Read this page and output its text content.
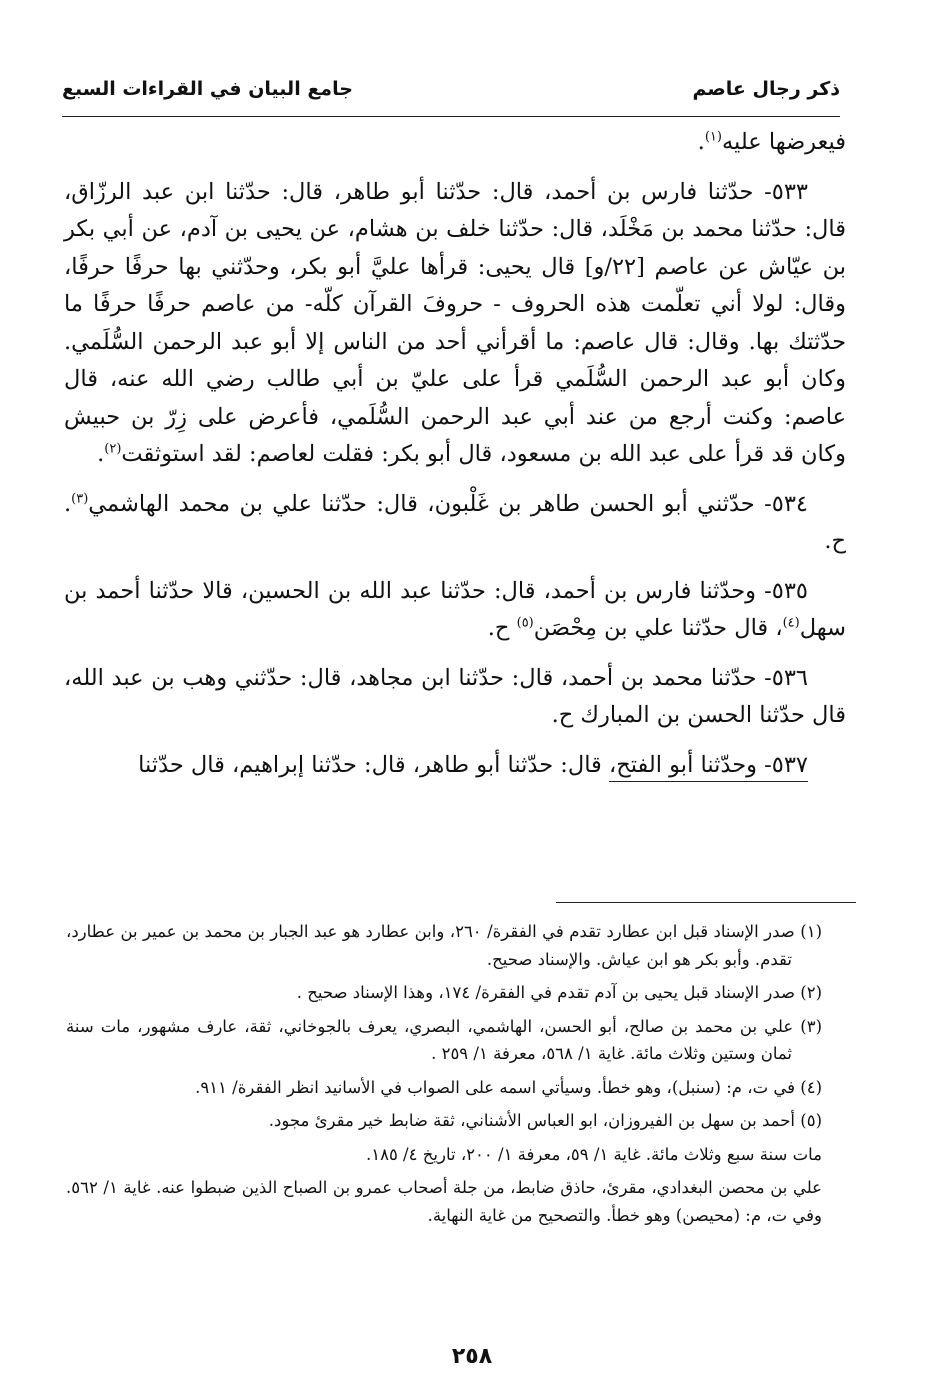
ذكر رجال عاصم
جامع البيان في القراءات السبع

فيعرضها عليه$^{(١)}$.

٥٣٣- حدّثنا فارس بن أحمد، قال: حدّثنا أبو طاهر، قال: حدّثنا ابن عبد الرزّاق، قال: حدّثنا محمد بن مَخْلَد، قال: حدّثنا خلف بن هشام، عن يحيى بن آدم، عن أبي بكر بن عيّاش عن عاصم [٢٢/و] قال يحيى: قرأها عليَّ أبو بكر، وحدّثني بها حرفًا حرفًا، وقال: لولا أني تعلّمت هذه الحروف - حروفَ القرآن كلّه- من عاصم حرفًا حرفًا ما حدّثتك بها. وقال: قال عاصم: ما أقرأني أحد من الناس إلا أبو عبد الرحمن السُّلَمي. وكان أبو عبد الرحمن السُّلَمي قرأ على عليّ بن أبي طالب رضي الله عنه، قال عاصم: وكنت أرجع من عند أبي عبد الرحمن السُّلَمي، فأعرض على زِرّ بن حبيش وكان قد قرأ على عبد الله بن مسعود، قال أبو بكر: فقلت لعاصم: لقد استوثقت$^{(٢)}$.

٥٣٤- حدّثني أبو الحسن طاهر بن غَلْبون، قال: حدّثنا علي بن محمد الهاشمي$^{(٣)}$. ح.

٥٣٥- وحدّثنا فارس بن أحمد، قال: حدّثنا عبد الله بن الحسين، قالا حدّثنا أحمد بن سهل$^{(٤)}$، قال حدّثنا علي بن مِحْصَن$^{(٥)}$ ح.

٥٣٦- حدّثنا محمد بن أحمد، قال: حدّثنا ابن مجاهد، قال: حدّثني وهب بن عبد الله، قال حدّثنا الحسن بن المبارك ح.

٥٣٧- وحدّثنا أبو الفتح، قال: حدّثنا أبو طاهر، قال: حدّثنا إبراهيم، قال حدّثنا

(١) صدر الإسناد قبل ابن عطارد تقدم في الفقرة/ ٢٦٠، وابن عطارد هو عبد الجبار بن محمد بن عمير بن عطارد، تقدم. وأبو بكر هو ابن عياش. والإسناد صحيح.

(٢) صدر الإسناد قبل يحيى بن آدم تقدم في الفقرة/ ١٧٤، وهذا الإسناد صحيح .

(٣) علي بن محمد بن صالح، أبو الحسن، الهاشمي، البصري، يعرف بالجوخاني، ثقة، عارف مشهور، مات سنة ثمان وستين وثلاث مائة. غاية ١/ ٥٦٨، معرفة ١/ ٢٥٩ .

(٤) في ت، م: (سنبل)، وهو خطأ. وسيأتي اسمه على الصواب في الأسانيد انظر الفقرة/ ٩١١.

(٥) أحمد بن سهل بن الفيروزان، ابو العباس الأشناني، ثقة ضابط خير مقرئ مجود.

مات سنة سبع وثلاث مائة. غاية ١/ ٥٩، معرفة ١/ ٢٠٠، تاريخ ٤/ ١٨٥.

علي بن محصن البغدادي، مقرئ، حاذق ضابط، من جلة أصحاب عمرو بن الصباح الذين ضبطوا عنه. غاية ١/ ٥٦٢. وفي ت، م: (محيصن) وهو خطأ. والتصحيح من غاية النهاية.

٢٥٨
